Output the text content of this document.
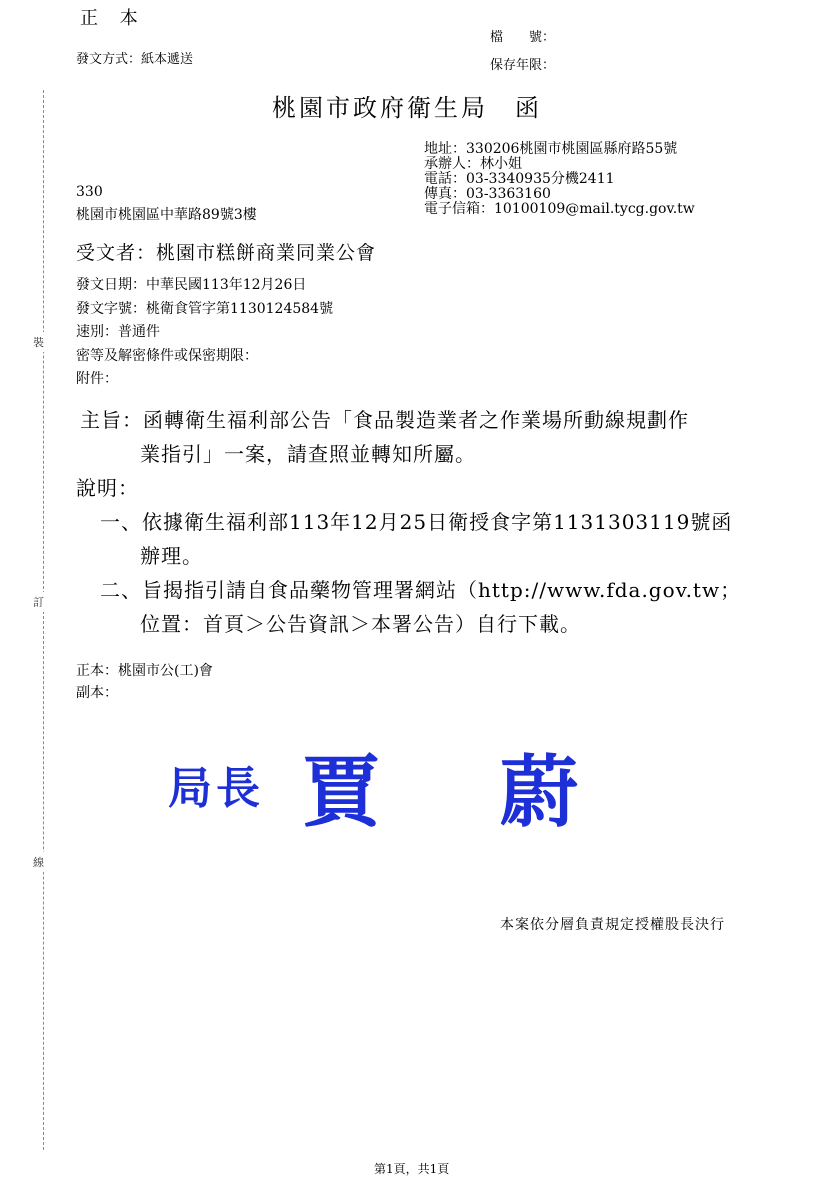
裝
訂
線
正 本
發文方式：紙本遞送
檔　　號：
保存年限：
桃園市政府衛生局　函
地址：330206桃園市桃園區縣府路55號
承辦人：林小姐
電話：03-3340935分機2411
傳真：03-3363160
電子信箱：10100109@mail.tycg.gov.tw
330
桃園市桃園區中華路89號3樓
受文者：桃園市糕餅商業同業公會
發文日期：中華民國113年12月26日
發文字號：桃衛食管字第1130124584號
速別：普通件
密等及解密條件或保密期限：
附件：
主旨：函轉衛生福利部公告「食品製造業者之作業場所動線規劃作
業指引」一案，請查照並轉知所屬。
說明：
一、依據衛生福利部113年12月25日衛授食字第1131303119號函
辦理。
二、旨揭指引請自食品藥物管理署網站（http://www.fda.gov.tw；
位置：首頁＞公告資訊＞本署公告）自行下載。
正本：桃園市公(工)會
副本：
局長 賈 蔚
本案依分層負責規定授權股長決行
第1頁，共1頁
